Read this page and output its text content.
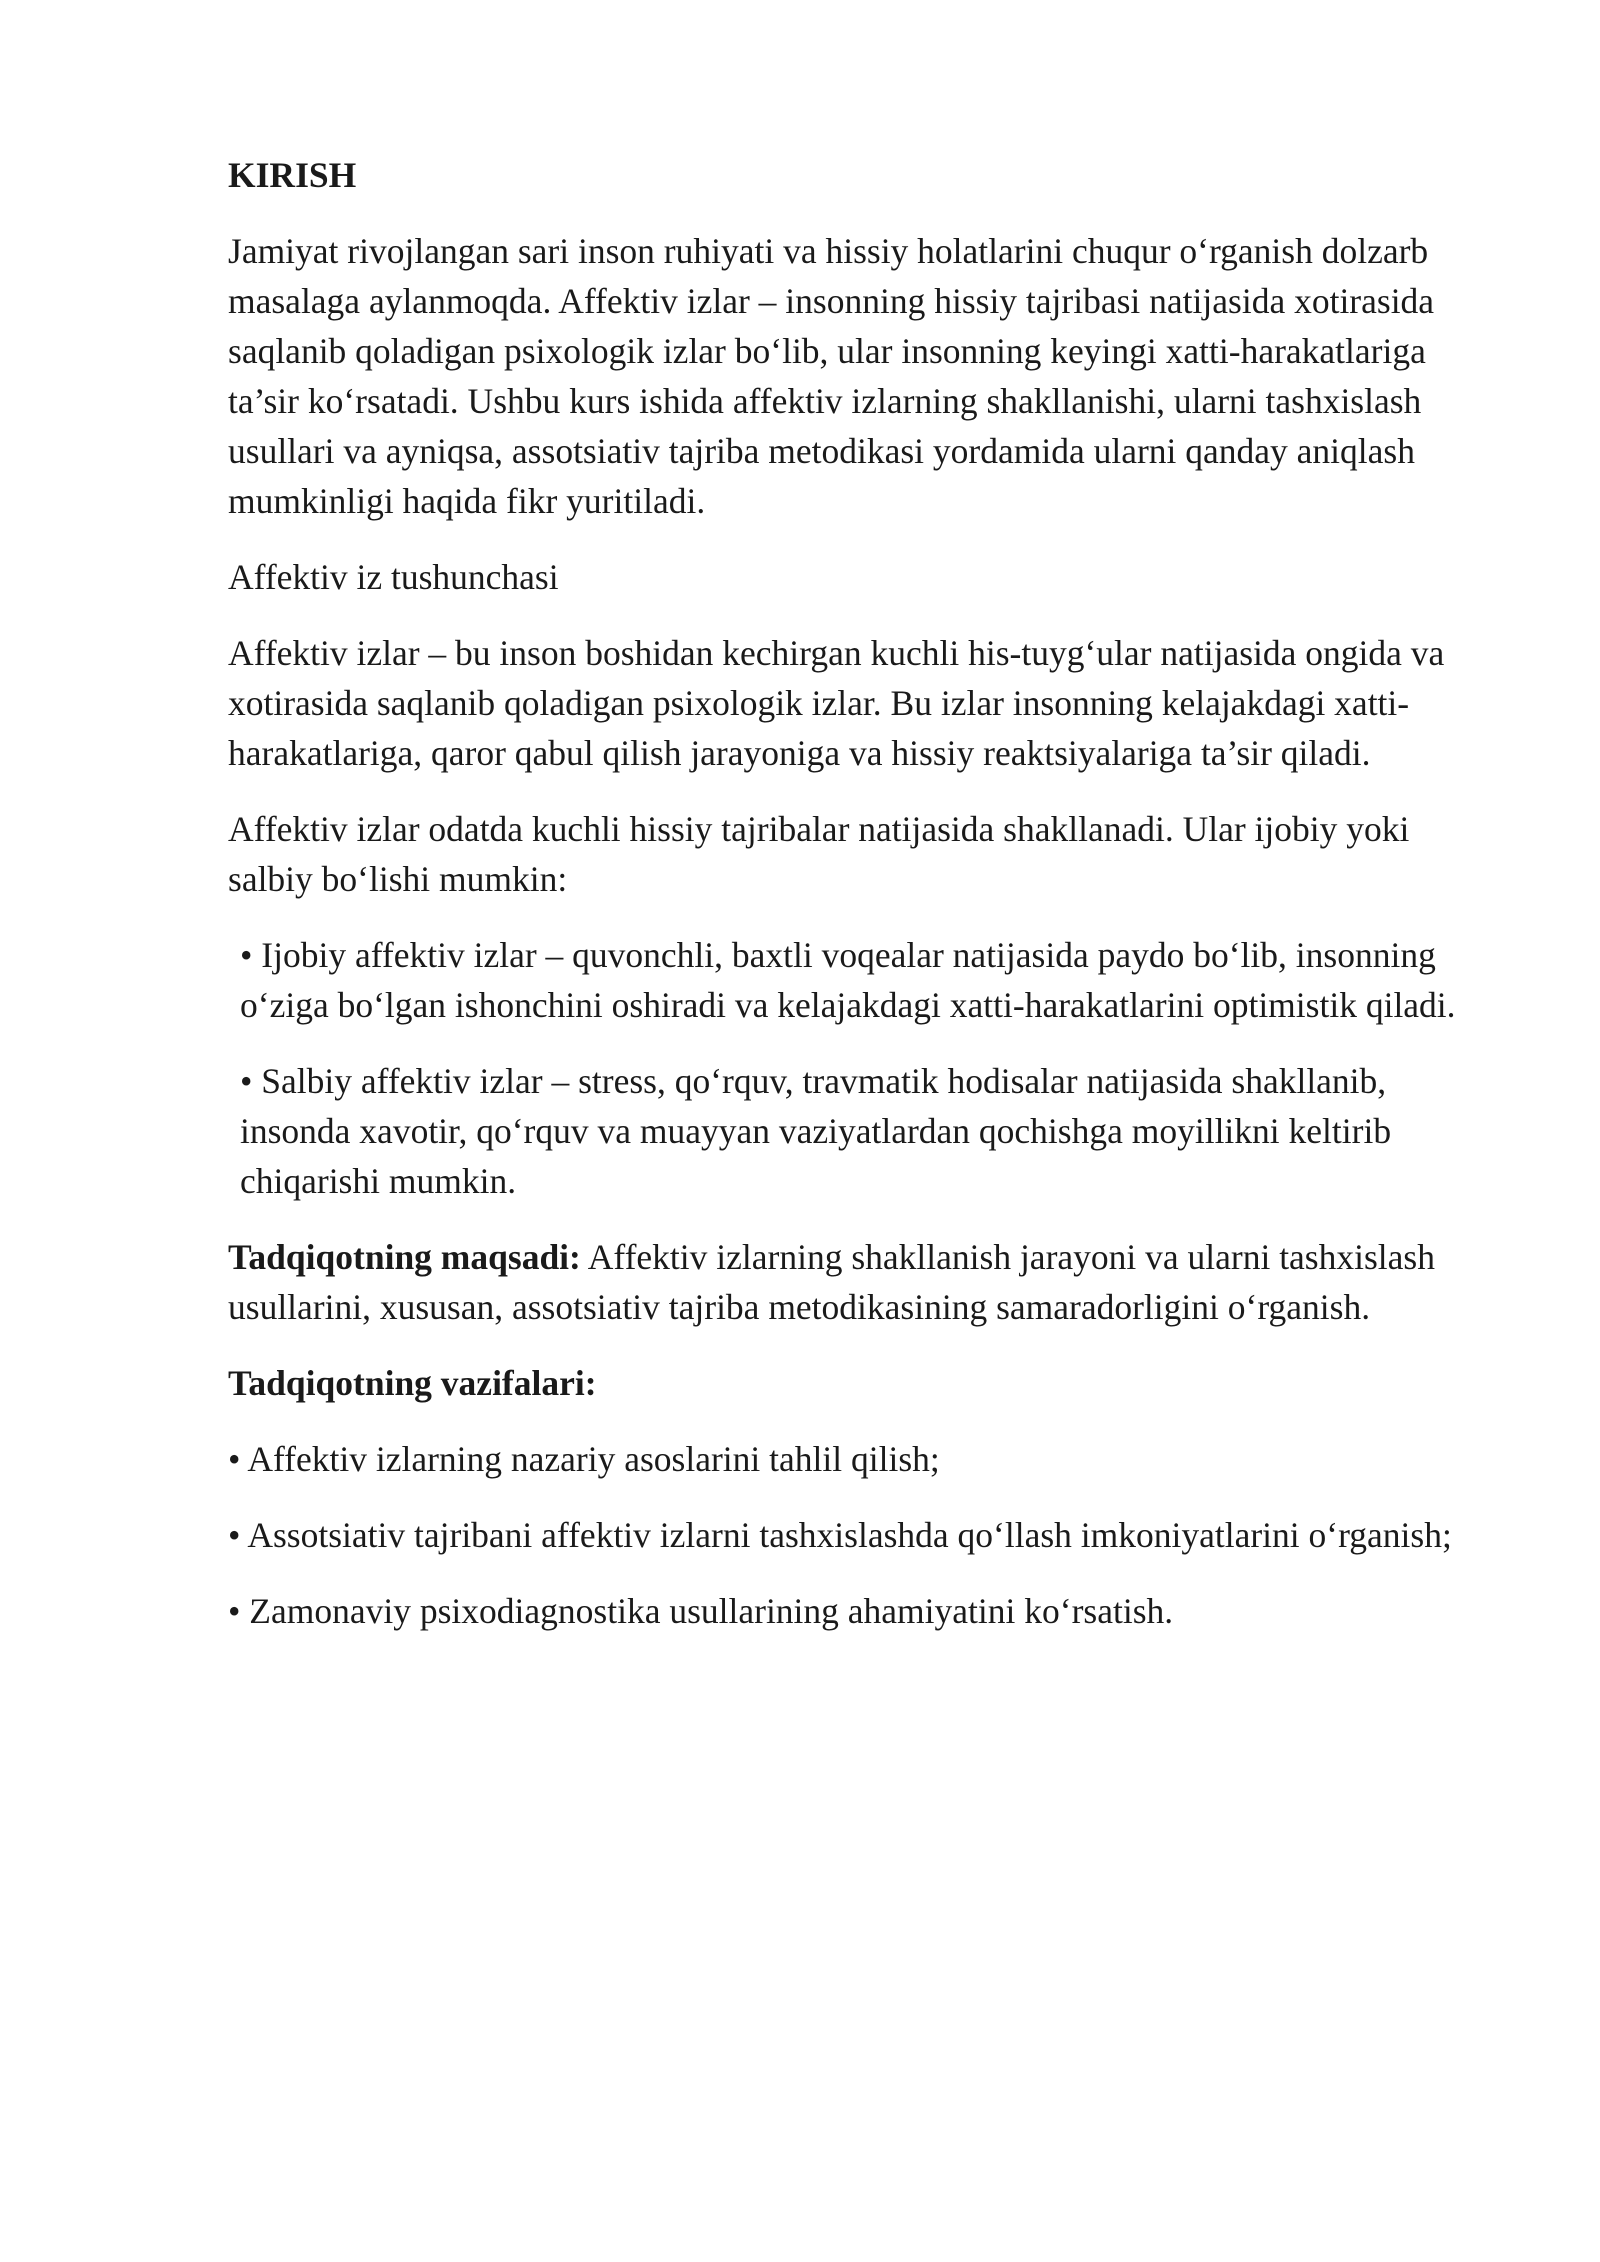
KIRISH

Jamiyat rivojlangan sari inson ruhiyati va hissiy holatlarini chuqur o‘rganish dolzarb masalaga aylanmoqda. Affektiv izlar – insonning hissiy tajribasi natijasida xotirasida saqlanib qoladigan psixologik izlar bo‘lib, ular insonning keyingi xatti-harakatlariga ta’sir ko‘rsatadi. Ushbu kurs ishida affektiv izlarning shakllanishi, ularni tashxislash usullari va ayniqsa, assotsiativ tajriba metodikasi yordamida ularni qanday aniqlash mumkinligi haqida fikr yuritiladi.

Affektiv iz tushunchasi

Affektiv izlar – bu inson boshidan kechirgan kuchli his-tuyg‘ular natijasida ongida va xotirasida saqlanib qoladigan psixologik izlar. Bu izlar insonning kelajakdagi xatti-harakatlariga, qaror qabul qilish jarayoniga va hissiy reaktsiyalariga ta’sir qiladi.

Affektiv izlar odatda kuchli hissiy tajribalar natijasida shakllanadi. Ular ijobiy yoki salbiy bo‘lishi mumkin:

• Ijobiy affektiv izlar – quvonchli, baxtli voqealar natijasida paydo bo‘lib, insonning o‘ziga bo‘lgan ishonchini oshiradi va kelajakdagi xatti-harakatlarini optimistik qiladi.

• Salbiy affektiv izlar – stress, qo‘rquv, travmatik hodisalar natijasida shakllanib, insonda xavotir, qo‘rquv va muayyan vaziyatlardan qochishga moyillikni keltirib chiqarishi mumkin.

Tadqiqotning maqsadi: Affektiv izlarning shakllanish jarayoni va ularni tashxislash usullarini, xususan, assotsiativ tajriba metodikasining samaradorligini o‘rganish.

Tadqiqotning vazifalari:

• Affektiv izlarning nazariy asoslarini tahlil qilish;

• Assotsiativ tajribani affektiv izlarni tashxislashda qo‘llash imkoniyatlarini o‘rganish;

• Zamonaviy psixodiagnostika usullarining ahamiyatini ko‘rsatish.
